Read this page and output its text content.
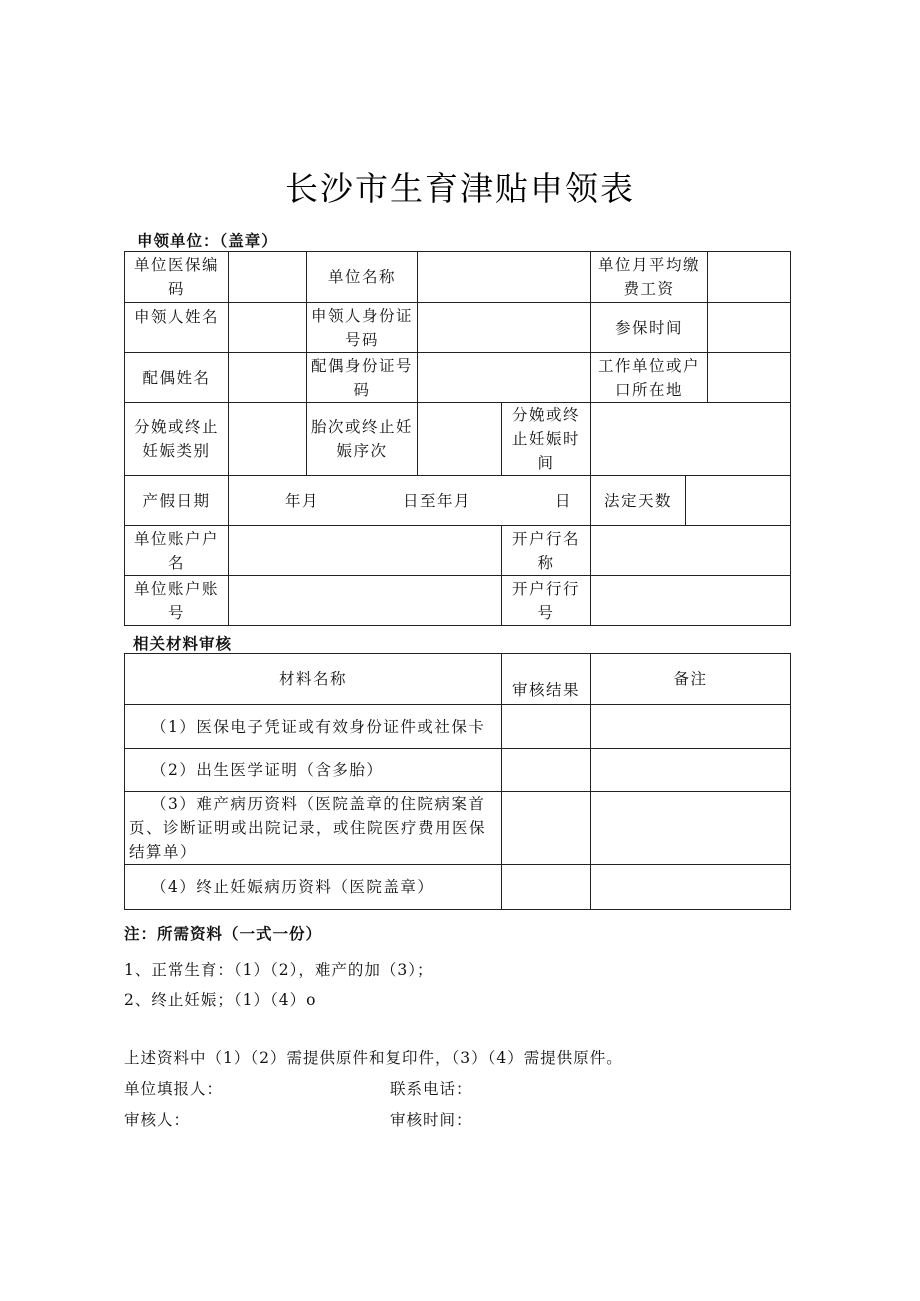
长沙市生育津贴申领表
申领单位：（盖章）
单位医保编码		单位名称			单位月平均缴费工资		
申领人姓名		申领人身份证号码			参保时间		
配偶姓名		配偶身份证号码			工作单位或户口所在地		
分娩或终止妊娠类别		胎次或终止妊娠序次		分娩或终止妊娠时间			
产假日期	年月 日至年月 日				法定天数		
单位账户户名				开户行名称			
单位账户账号				开户行行号			
相关材料审核
材料名称	审核结果	备注
（1）医保电子凭证或有效身份证件或社保卡		
（2）出生医学证明（含多胎）		
（3）难产病历资料（医院盖章的住院病案首页、诊断证明或出院记录，或住院医疗费用医保结算单）		
（4）终止妊娠病历资料（医院盖章）		
注：所需资料（一式一份）
1、正常生育：（1）（2），难产的加（3）；
2、终止妊娠；（1）（4）o
上述资料中（1）（2）需提供原件和复印件，（3）（4）需提供原件。
单位填报人：	联系电话：
审核人：	审核时间：
